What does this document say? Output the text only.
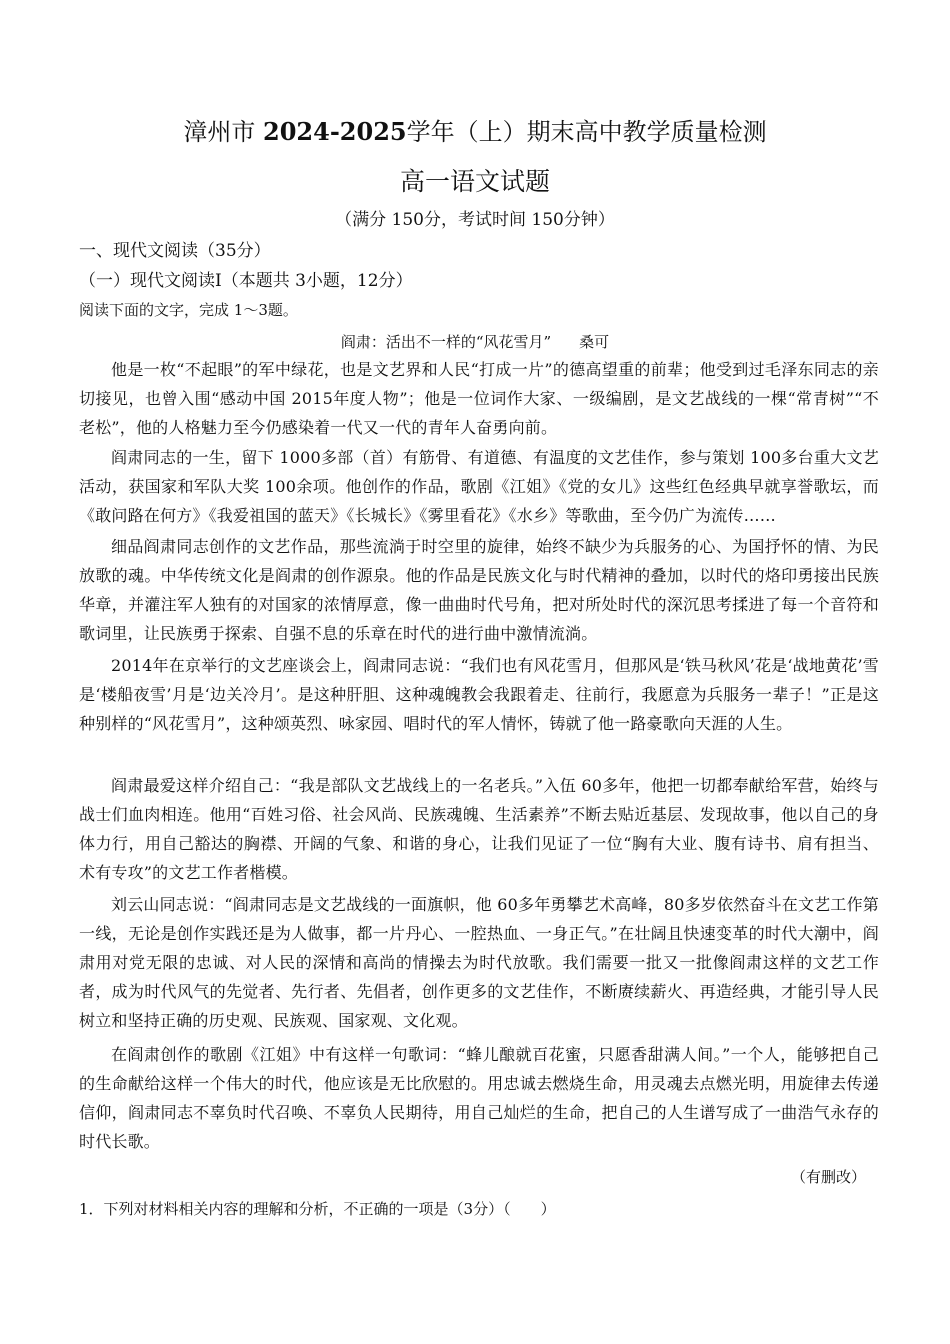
漳州市 2024-2025学年（上）期末高中教学质量检测
高一语文试题
（满分 150分，考试时间 150分钟）
一、现代文阅读（35分）
（一）现代文阅读Ⅰ（本题共 3小题，12分）
阅读下面的文字，完成 1～3题。
阎肃：活出不一样的“风花雪月” 桑可

他是一枚“不起眼”的军中绿花，也是文艺界和人民“打成一片”的德高望重的前辈；他受到过毛泽东同志的亲切接见，也曾入围“感动中国 2015年度人物”；他是一位词作大家、一级编剧，是文艺战线的一棵“常青树”“不老松”，他的人格魅力至今仍感染着一代又一代的青年人奋勇向前。

阎肃同志的一生，留下 1000多部（首）有筋骨、有道德、有温度的文艺佳作，参与策划 100多台重大文艺活动，获国家和军队大奖 100余项。他创作的作品，歌剧《江姐》《党的女儿》这些红色经典早就享誉歌坛，而《敢问路在何方》《我爱祖国的蓝天》《长城长》《雾里看花》《水乡》等歌曲，至今仍广为流传……

细品阎肃同志创作的文艺作品，那些流淌于时空里的旋律，始终不缺少为兵服务的心、为国抒怀的情、为民放歌的魂。中华传统文化是阎肃的创作源泉。他的作品是民族文化与时代精神的叠加，以时代的烙印勇接出民族华章，并灌注军人独有的对国家的浓情厚意，像一曲曲时代号角，把对所处时代的深沉思考揉进了每一个音符和歌词里，让民族勇于探索、自强不息的乐章在时代的进行曲中激情流淌。

2014年在京举行的文艺座谈会上，阎肃同志说：“我们也有风花雪月，但那风是‘铁马秋风’花是‘战地黄花’雪是‘楼船夜雪’月是‘边关冷月’。是这种肝胆、这种魂魄教会我跟着走、往前行，我愿意为兵服务一辈子！”正是这种别样的“风花雪月”，这种颂英烈、咏家园、唱时代的军人情怀，铸就了他一路豪歌向天涯的人生。

阎肃最爱这样介绍自己：“我是部队文艺战线上的一名老兵。”入伍 60多年，他把一切都奉献给军营，始终与战士们血肉相连。他用“百姓习俗、社会风尚、民族魂魄、生活素养”不断去贴近基层、发现故事，他以自己的身体力行，用自己豁达的胸襟、开阔的气象、和谐的身心，让我们见证了一位“胸有大业、腹有诗书、肩有担当、术有专攻”的文艺工作者楷模。

刘云山同志说：“阎肃同志是文艺战线的一面旗帜，他 60多年勇攀艺术高峰，80多岁依然奋斗在文艺工作第一线，无论是创作实践还是为人做事，都一片丹心、一腔热血、一身正气。”在壮阔且快速变革的时代大潮中，阎肃用对党无限的忠诚、对人民的深情和高尚的情操去为时代放歌。我们需要一批又一批像阎肃这样的文艺工作者，成为时代风气的先觉者、先行者、先倡者，创作更多的文艺佳作，不断赓续薪火、再造经典，才能引导人民树立和坚持正确的历史观、民族观、国家观、文化观。

在阎肃创作的歌剧《江姐》中有这样一句歌词：“蜂儿酿就百花蜜，只愿香甜满人间。”一个人，能够把自己的生命献给这样一个伟大的时代，他应该是无比欣慰的。用忠诚去燃烧生命，用灵魂去点燃光明，用旋律去传递信仰，阎肃同志不辜负时代召唤、不辜负人民期待，用自己灿烂的生命，把自己的人生谱写成了一曲浩气永存的时代长歌。

（有删改）
1．下列对材料相关内容的理解和分析，不正确的一项是（3分）（　　）
